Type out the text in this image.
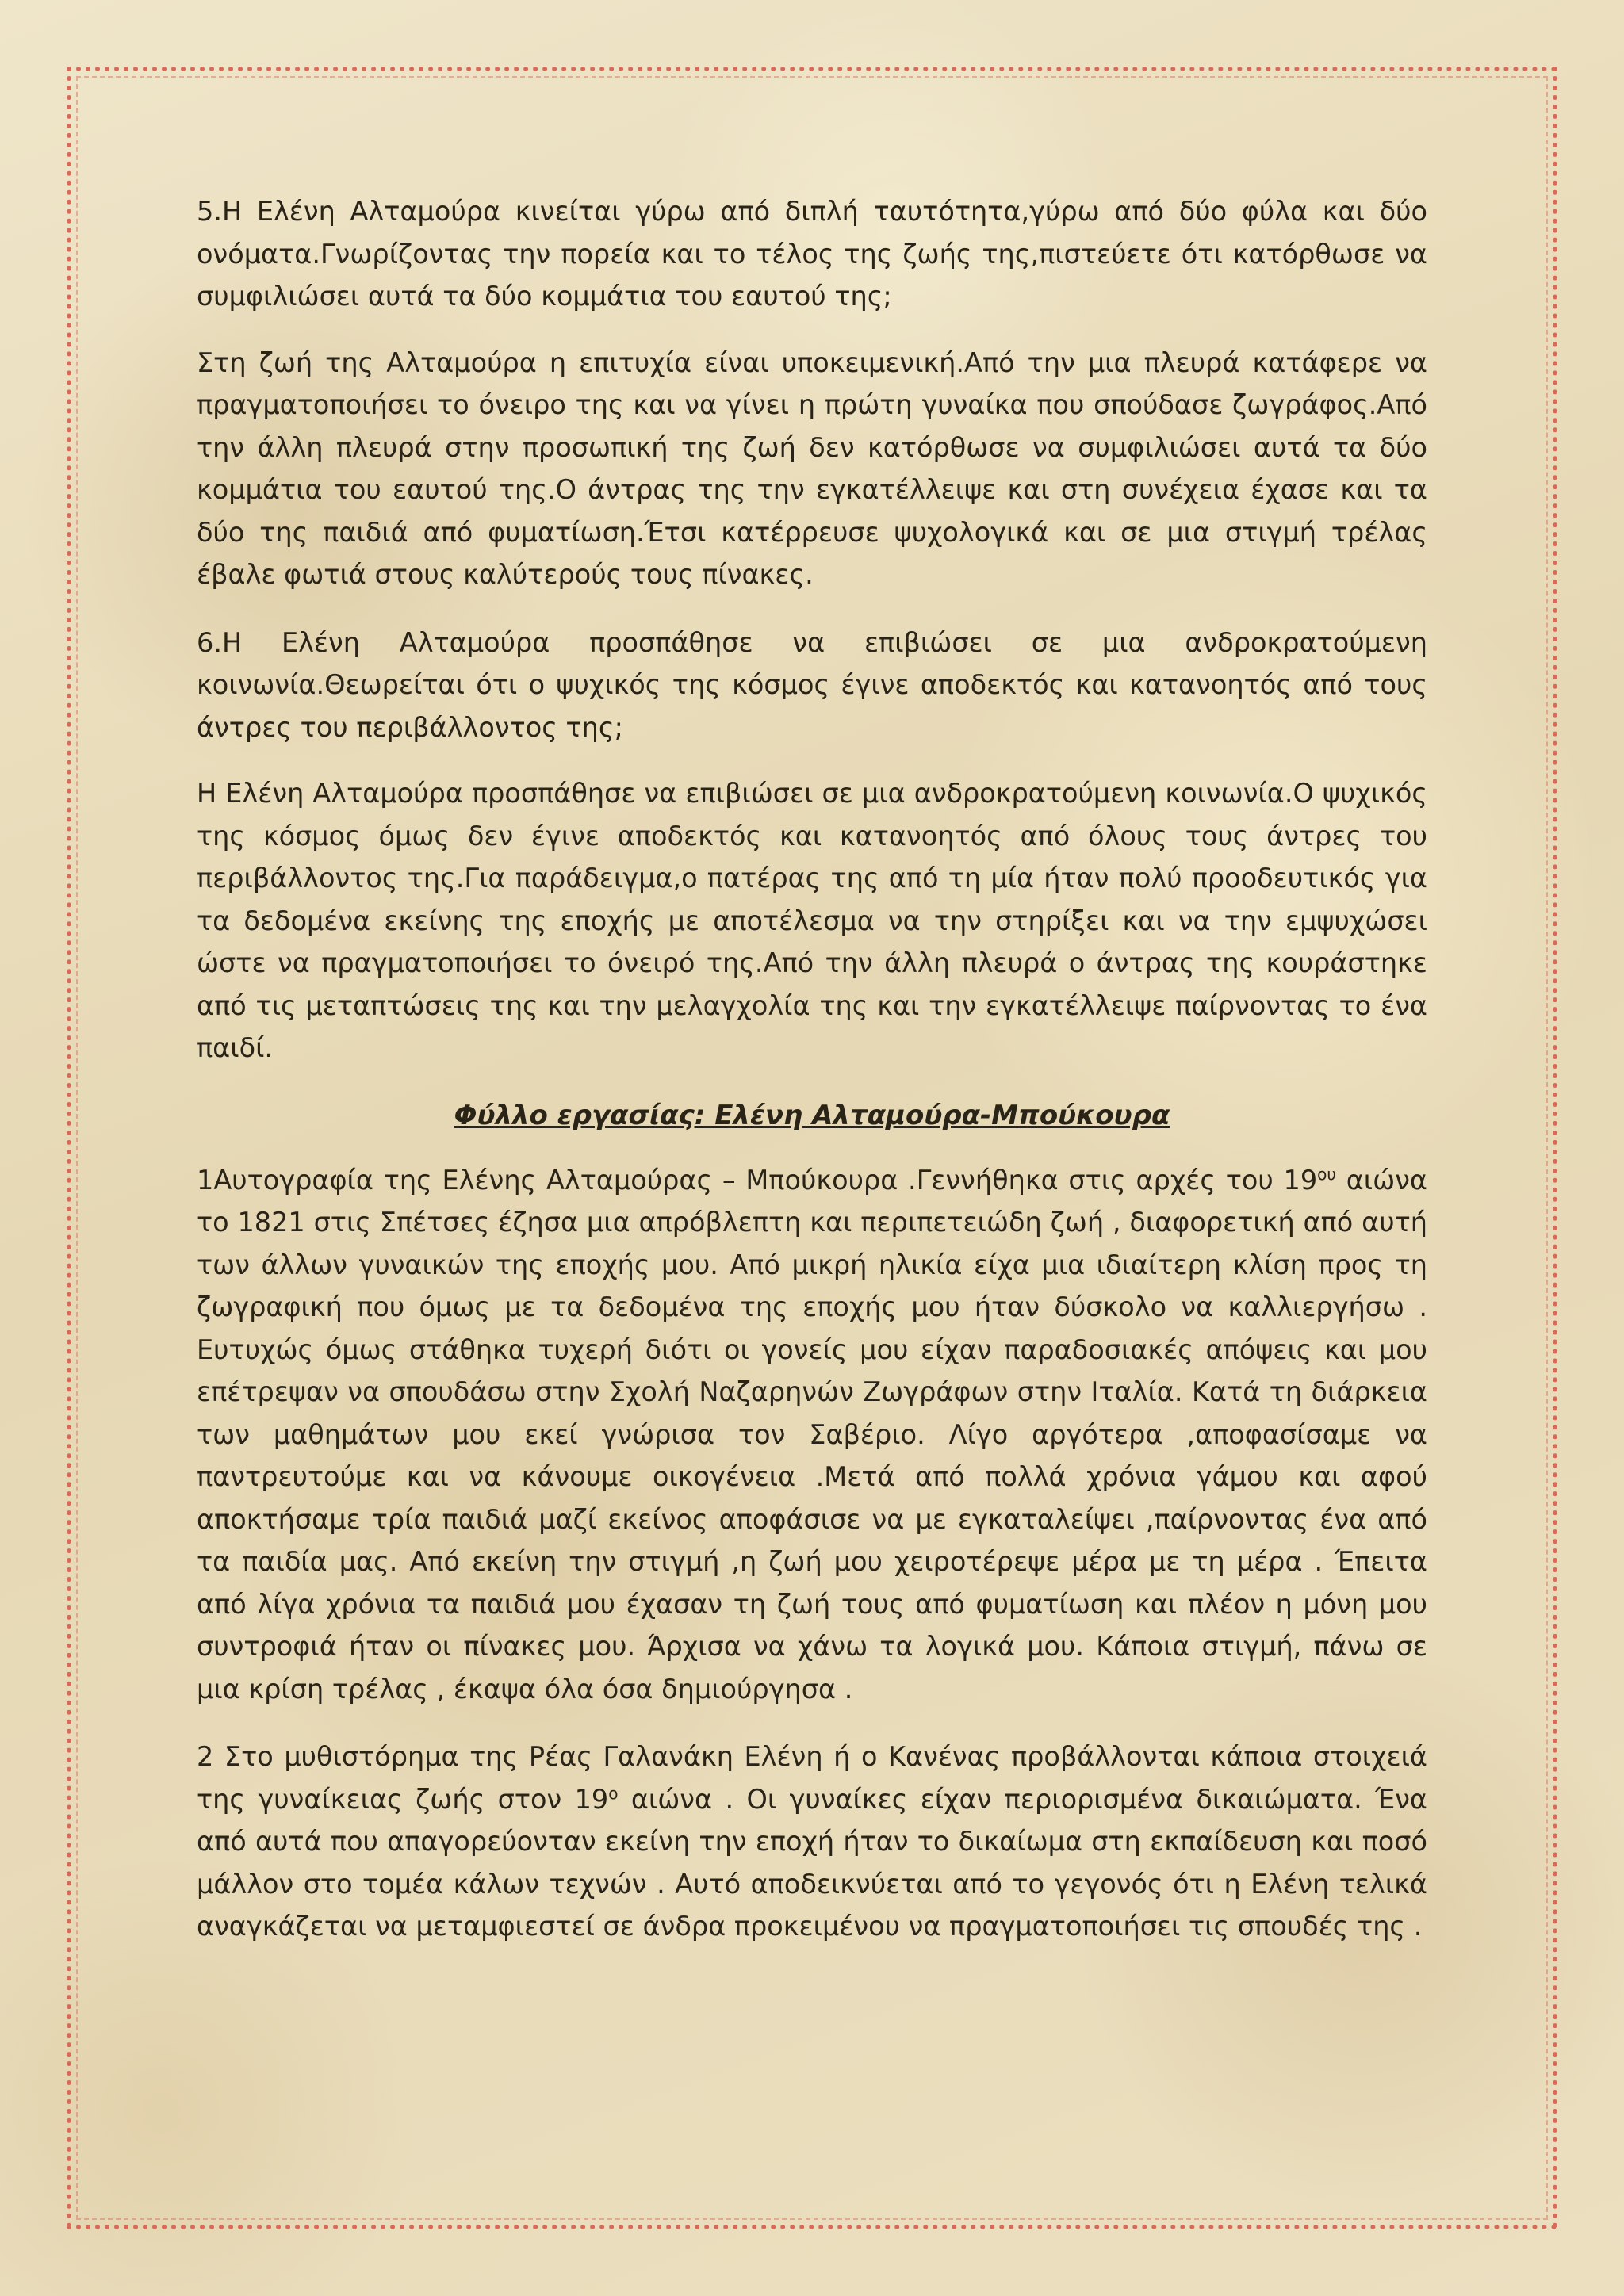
5.Η Ελένη Αλταμούρα κινείται γύρω από διπλή ταυτότητα,γύρω από δύο φύλα και δύο ονόματα.Γνωρίζοντας την πορεία και το τέλος της ζωής της,πιστεύετε ότι κατόρθωσε να συμφιλιώσει αυτά τα δύο κομμάτια του εαυτού της;

Στη ζωή της Αλταμούρα η επιτυχία είναι υποκειμενική.Από την μια πλευρά κατάφερε να πραγματοποιήσει το όνειρο της και να γίνει η πρώτη γυναίκα που σπούδασε ζωγράφος.Από την άλλη πλευρά στην προσωπική της ζωή δεν κατόρθωσε να συμφιλιώσει αυτά τα δύο κομμάτια του εαυτού της.Ο άντρας της την εγκατέλλειψε και στη συνέχεια έχασε και τα δύο της παιδιά από φυματίωση.Έτσι κατέρρευσε ψυχολογικά και σε μια στιγμή τρέλας έβαλε φωτιά στους καλύτερούς τους πίνακες.

6.Η Ελένη Αλταμούρα προσπάθησε να επιβιώσει σε μια ανδροκρατούμενη κοινωνία.Θεωρείται ότι ο ψυχικός της κόσμος έγινε αποδεκτός και κατανοητός από τους άντρες του περιβάλλοντος της;

Η Ελένη Αλταμούρα προσπάθησε να επιβιώσει σε μια ανδροκρατούμενη κοινωνία.Ο ψυχικός της κόσμος όμως δεν έγινε αποδεκτός και κατανοητός από όλους τους άντρες του περιβάλλοντος της.Για παράδειγμα,ο πατέρας της από τη μία ήταν πολύ προοδευτικός για τα δεδομένα εκείνης της εποχής με αποτέλεσμα να την στηρίξει και να την εμψυχώσει ώστε να πραγματοποιήσει το όνειρό της.Από την άλλη πλευρά ο άντρας της κουράστηκε από τις μεταπτώσεις της και την μελαγχολία της και την εγκατέλλειψε παίρνοντας το ένα παιδί.

Φύλλο εργασίας: Ελένη Αλταμούρα-Μπούκουρα

1Αυτογραφία της Ελένης Αλταμούρας – Μπούκουρα .Γεννήθηκα στις αρχές του $19^{o\upsilon}$ αιώνα το 1821 στις Σπέτσες έζησα μια απρόβλεπτη και περιπετειώδη ζωή , διαφορετική από αυτή των άλλων γυναικών της εποχής μου. Από μικρή ηλικία είχα μια ιδιαίτερη κλίση προς τη ζωγραφική που όμως με τα δεδομένα της εποχής μου ήταν δύσκολο να καλλιεργήσω . Ευτυχώς όμως στάθηκα τυχερή διότι οι γονείς μου είχαν παραδοσιακές απόψεις και μου επέτρεψαν να σπουδάσω στην Σχολή Ναζαρηνών Ζωγράφων στην Ιταλία. Κατά τη διάρκεια των μαθημάτων μου εκεί γνώρισα τον Σαβέριο. Λίγο αργότερα ,αποφασίσαμε να παντρευτούμε και να κάνουμε οικογένεια .Μετά από πολλά χρόνια γάμου και αφού αποκτήσαμε τρία παιδιά μαζί εκείνος αποφάσισε να με εγκαταλείψει ,παίρνοντας ένα από τα παιδία μας. Από εκείνη την στιγμή ,η ζωή μου χειροτέρεψε μέρα με τη μέρα . Έπειτα από λίγα χρόνια τα παιδιά μου έχασαν τη ζωή τους από φυματίωση και πλέον η μόνη μου συντροφιά ήταν οι πίνακες μου. Άρχισα να χάνω τα λογικά μου. Κάποια στιγμή, πάνω σε μια κρίση τρέλας , έκαψα όλα όσα δημιούργησα .

2 Στο μυθιστόρημα της Ρέας Γαλανάκη Ελένη ή ο Κανένας προβάλλονται κάποια στοιχειά της γυναίκειας ζωής στον $19^o$ αιώνα . Οι γυναίκες είχαν περιορισμένα δικαιώματα. Ένα από αυτά που απαγορεύονταν εκείνη την εποχή ήταν το δικαίωμα στη εκπαίδευση και ποσό μάλλον στο τομέα κάλων τεχνών . Αυτό αποδεικνύεται από το γεγονός ότι η Ελένη τελικά αναγκάζεται να μεταμφιεστεί σε άνδρα προκειμένου να πραγματοποιήσει τις σπουδές της .
